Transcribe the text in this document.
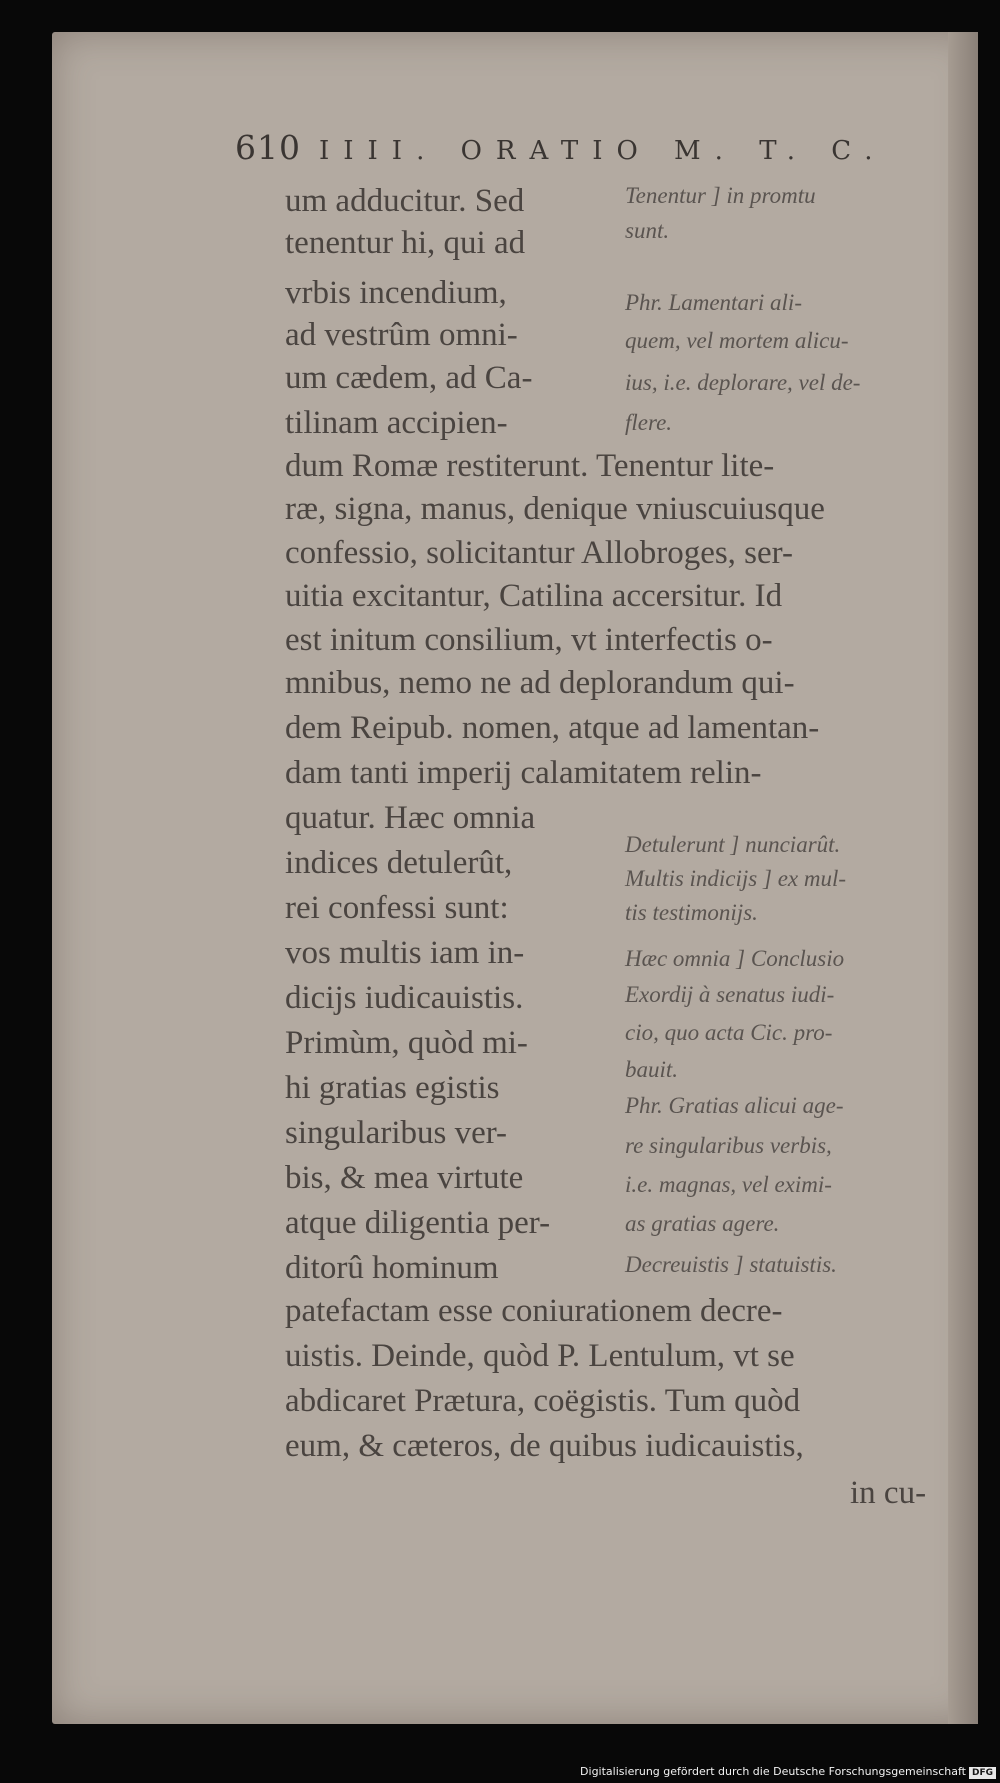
610 IIII. ORATIO M. T. C.
um adducitur. Sed
tenentur hi, qui ad
vrbis incendium,
ad vestrûm omni-
um cædem, ad Ca-
tilinam accipien-
Tenentur ] in promtu
sunt.
Phr. Lamentari ali-
quem, vel mortem alicu-
ius, i.e. deplorare, vel de-
flere.
dum Romæ restiterunt. Tenentur lite-
ræ, signa, manus, denique vniuscuiusque
confessio, solicitantur Allobroges, ser-
uitia excitantur, Catilina accersitur. Id
est initum consilium, vt interfectis o-
mnibus, nemo ne ad deplorandum qui-
dem Reipub. nomen, atque ad lamentan-
dam tanti imperij calamitatem relin-
quatur. Hæc omnia
indices detulerût,
rei confessi sunt:
vos multis iam in-
dicijs iudicauistis.
Primùm, quòd mi-
hi gratias egistis
singularibus ver-
bis, & mea virtute
atque diligentia per-
ditorû hominum
Detulerunt ] nunciarût.
Multis indicijs ] ex mul-
tis testimonijs.
Hæc omnia ] Conclusio
Exordij à senatus iudi-
cio, quo acta Cic. pro-
bauit.
Phr. Gratias alicui age-
re singularibus verbis,
i.e. magnas, vel eximi-
as gratias agere.
Decreuistis ] statuistis.
patefactam esse coniurationem decre-
uistis. Deinde, quòd P. Lentulum, vt se
abdicaret Prætura, coëgistis. Tum quòd
eum, & cæteros, de quibus iudicauistis,
in cu-
Digitalisierung gefördert durch die Deutsche Forschungsgemeinschaft DFG
